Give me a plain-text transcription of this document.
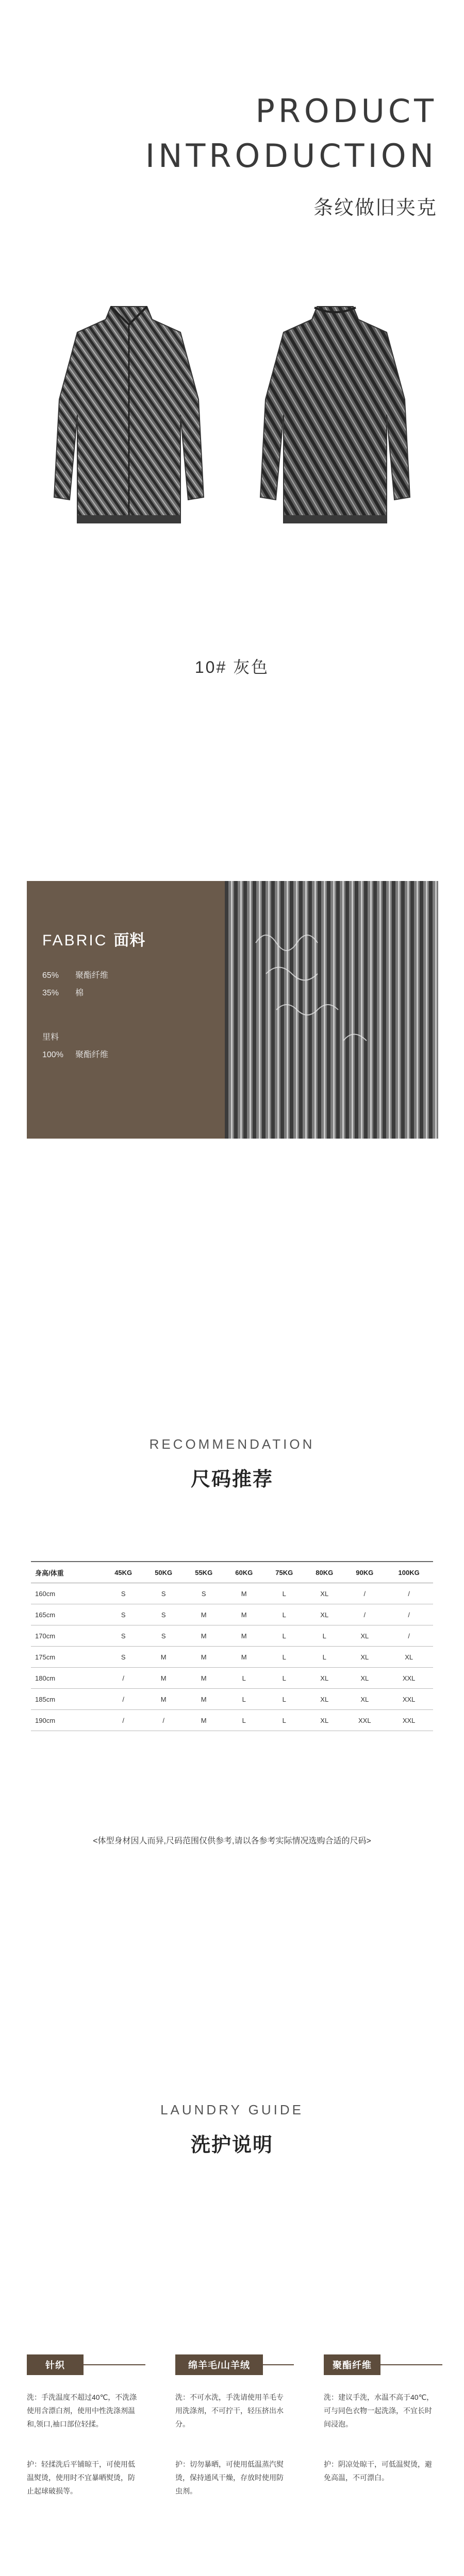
PRODUCT
INTRODUCTION
条纹做旧夹克
10# 灰色
FABRIC 面料
65% 聚酯纤维
35% 棉
里料
100% 聚酯纤维
RECOMMENDATION
尺码推荐
身高/体重	45KG	50KG	55KG	60KG	75KG	80KG	90KG	100KG
160cm	S	S	S	M	L	XL	/	/
165cm	S	S	M	M	L	XL	/	/
170cm	S	S	M	M	L	L	XL	/
175cm	S	M	M	M	L	L	XL	XL
180cm	/	M	M	L	L	XL	XL	XXL
185cm	/	M	M	L	L	XL	XL	XXL
190cm	/	/	M	L	L	XL	XXL	XXL
<体型身材因人而异,尺码范围仅供参考,请以各参考实际情况选购合适的尺码>
LAUNDRY GUIDE
洗护说明
针织
洗：手洗温度不超过40℃，不洗涤使用含漂白剂，使用中性洗涤剂温和,领口,袖口部位轻揉。
护：轻揉洗后平铺晾干，可使用低温熨烫，使用时不宜暴晒熨烫，防止起球破损等。
绵羊毛/山羊绒
洗：不可水洗，手洗请使用羊毛专用洗涤剂，不可拧干，轻压挤出水分。
护：切勿暴晒，可使用低温蒸汽熨烫，保持通风干燥，存放时使用防虫剂。
聚酯纤维
洗：建议手洗，水温不高于40℃，可与同色衣物一起洗涤，不宜长时间浸泡。
护：阴凉处晾干，可低温熨烫，避免高温，不可漂白。
